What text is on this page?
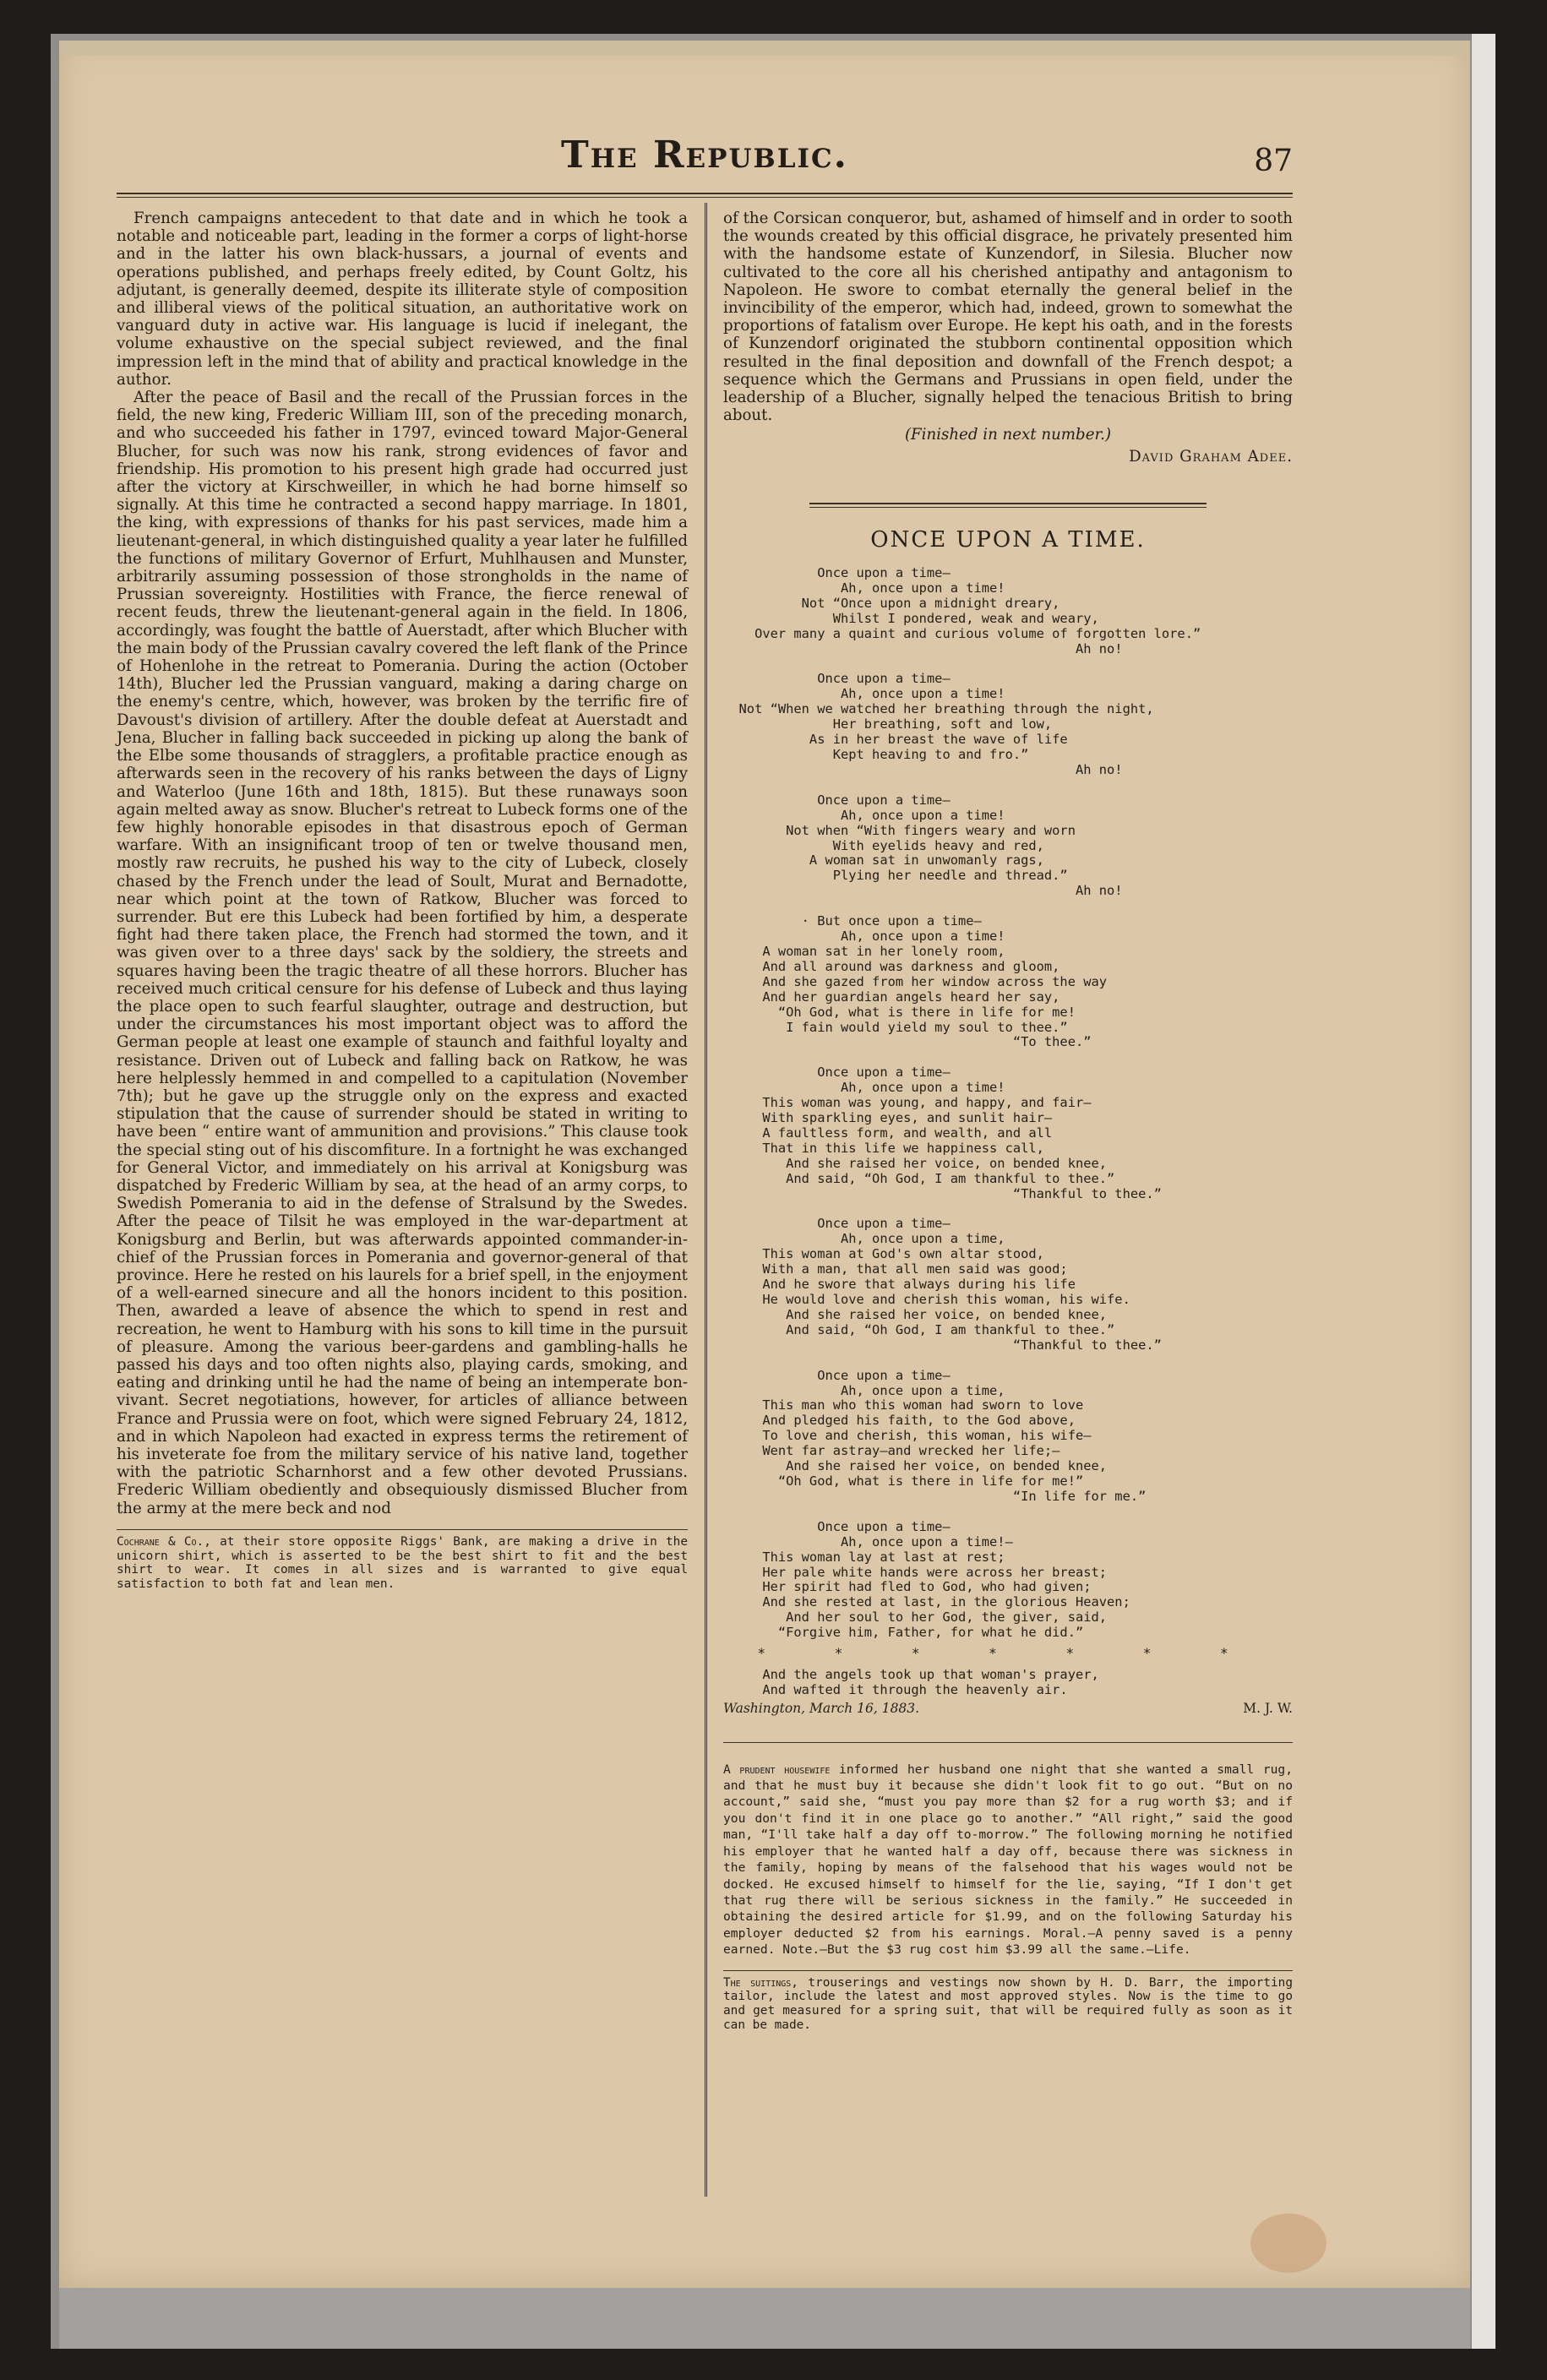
The Republic.	87

French campaigns antecedent to that date and in which he took a notable and noticeable part, leading in the former a corps of light-horse and in the latter his own black-hussars, a journal of events and operations published, and perhaps freely edited, by Count Goltz, his adjutant, is generally deemed, despite its illiterate style of composition and illiberal views of the political situation, an authoritative work on vanguard duty in active war. His language is lucid if inelegant, the volume exhaustive on the special subject reviewed, and the final impression left in the mind that of ability and practical knowledge in the author.

After the peace of Basil and the recall of the Prussian forces in the field, the new king, Frederic William III, son of the preceding monarch, and who succeeded his father in 1797, evinced toward Major-General Blucher, for such was now his rank, strong evidences of favor and friendship. His promotion to his present high grade had occurred just after the victory at Kirschweiller, in which he had borne himself so signally. At this time he contracted a second happy marriage. In 1801, the king, with expressions of thanks for his past services, made him a lieutenant-general, in which distinguished quality a year later he fulfilled the functions of military Governor of Erfurt, Muhlhausen and Munster, arbitrarily assuming possession of those strongholds in the name of Prussian sovereignty. Hostilities with France, the fierce renewal of recent feuds, threw the lieutenant-general again in the field. In 1806, accordingly, was fought the battle of Auerstadt, after which Blucher with the main body of the Prussian cavalry covered the left flank of the Prince of Hohenlohe in the retreat to Pomerania. During the action (October 14th), Blucher led the Prussian vanguard, making a daring charge on the enemy's centre, which, however, was broken by the terrific fire of Davoust's division of artillery. After the double defeat at Auerstadt and Jena, Blucher in falling back succeeded in picking up along the bank of the Elbe some thousands of stragglers, a profitable practice enough as afterwards seen in the recovery of his ranks between the days of Ligny and Waterloo (June 16th and 18th, 1815). But these runaways soon again melted away as snow. Blucher's retreat to Lubeck forms one of the few highly honorable episodes in that disastrous epoch of German warfare. With an insignificant troop of ten or twelve thousand men, mostly raw recruits, he pushed his way to the city of Lubeck, closely chased by the French under the lead of Soult, Murat and Bernadotte, near which point at the town of Ratkow, Blucher was forced to surrender. But ere this Lubeck had been fortified by him, a desperate fight had there taken place, the French had stormed the town, and it was given over to a three days' sack by the soldiery, the streets and squares having been the tragic theatre of all these horrors. Blucher has received much critical censure for his defense of Lubeck and thus laying the place open to such fearful slaughter, outrage and destruction, but under the circumstances his most important object was to afford the German people at least one example of staunch and faithful loyalty and resistance. Driven out of Lubeck and falling back on Ratkow, he was here helplessly hemmed in and compelled to a capitulation (November 7th); but he gave up the struggle only on the express and exacted stipulation that the cause of surrender should be stated in writing to have been “ entire want of ammunition and provisions.” This clause took the special sting out of his discomfiture. In a fortnight he was exchanged for General Victor, and immediately on his arrival at Konigsburg was dispatched by Frederic William by sea, at the head of an army corps, to Swedish Pomerania to aid in the defense of Stralsund by the Swedes. After the peace of Tilsit he was employed in the war-department at Konigsburg and Berlin, but was afterwards appointed commander-in-chief of the Prussian forces in Pomerania and governor-general of that province. Here he rested on his laurels for a brief spell, in the enjoyment of a well-earned sinecure and all the honors incident to this position. Then, awarded a leave of absence the which to spend in rest and recreation, he went to Hamburg with his sons to kill time in the pursuit of pleasure. Among the various beer-gardens and gambling-halls he passed his days and too often nights also, playing cards, smoking, and eating and drinking until he had the name of being an intemperate bon-vivant. Secret negotiations, however, for articles of alliance between France and Prussia were on foot, which were signed February 24, 1812, and in which Napoleon had exacted in express terms the retirement of his inveterate foe from the military service of his native land, together with the patriotic Scharnhorst and a few other devoted Prussians. Frederic William obediently and obsequiously dismissed Blucher from the army at the mere beck and nod

Cochrane & Co., at their store opposite Riggs' Bank, are making a drive in the unicorn shirt, which is asserted to be the best shirt to fit and the best shirt to wear. It comes in all sizes and is warranted to give equal satisfaction to both fat and lean men.

of the Corsican conqueror, but, ashamed of himself and in order to sooth the wounds created by this official disgrace, he privately presented him with the handsome estate of Kunzendorf, in Silesia. Blucher now cultivated to the core all his cherished antipathy and antagonism to Napoleon. He swore to combat eternally the general belief in the invincibility of the emperor, which had, indeed, grown to somewhat the proportions of fatalism over Europe. He kept his oath, and in the forests of Kunzendorf originated the stubborn continental opposition which resulted in the final deposition and downfall of the French despot; a sequence which the Germans and Prussians in open field, under the leadership of a Blucher, signally helped the tenacious British to bring about.

(Finished in next number.)
David Graham Adee.
ONCE UPON A TIME.
Once upon a time—
Ah, once upon a time!
Not “Once upon a midnight dreary,
Whilst I pondered, weak and weary,
Over many a quaint and curious volume of forgotten lore.”
Ah no!
Once upon a time—
Ah, once upon a time!
Not “When we watched her breathing through the night,
Her breathing, soft and low,
As in her breast the wave of life
Kept heaving to and fro.”
Ah no!
Once upon a time—
Ah, once upon a time!
Not when “With fingers weary and worn
With eyelids heavy and red,
A woman sat in unwomanly rags,
Plying her needle and thread.”
Ah no!
· But once upon a time—
Ah, once upon a time!
A woman sat in her lonely room,
And all around was darkness and gloom,
And she gazed from her window across the way
And her guardian angels heard her say,
“Oh God, what is there in life for me!
I fain would yield my soul to thee.”
“To thee.”
Once upon a time—
Ah, once upon a time!
This woman was young, and happy, and fair—
With sparkling eyes, and sunlit hair—
A faultless form, and wealth, and all
That in this life we happiness call,
And she raised her voice, on bended knee,
And said, “Oh God, I am thankful to thee.”
“Thankful to thee.”
Once upon a time—
Ah, once upon a time,
This woman at God's own altar stood,
With a man, that all men said was good;
And he swore that always during his life
He would love and cherish this woman, his wife.
And she raised her voice, on bended knee,
And said, “Oh God, I am thankful to thee.”
“Thankful to thee.”
Once upon a time—
Ah, once upon a time,
This man who this woman had sworn to love
And pledged his faith, to the God above,
To love and cherish, this woman, his wife—
Went far astray—and wrecked her life;—
And she raised her voice, on bended knee,
“Oh God, what is there in life for me!”
“In life for me.”
Once upon a time—
Ah, once upon a time!—
This woman lay at last at rest;
Her pale white hands were across her breast;
Her spirit had fled to God, who had given;
And she rested at last, in the glorious Heaven;
And her soul to her God, the giver, said,
“Forgive him, Father, for what he did.”
* * * * * * *
And the angels took up that woman's prayer,
And wafted it through the heavenly air.
Washington, March 16, 1883.	M. J. W.
A prudent housewife informed her husband one night that she wanted a small rug, and that he must buy it because she didn't look fit to go out. “But on no account,” said she, “must you pay more than $2 for a rug worth $3; and if you don't find it in one place go to another.” “All right,” said the good man, “I'll take half a day off to-morrow.” The following morning he notified his employer that he wanted half a day off, because there was sickness in the family, hoping by means of the falsehood that his wages would not be docked. He excused himself to himself for the lie, saying, “If I don't get that rug there will be serious sickness in the family.” He succeeded in obtaining the desired article for $1.99, and on the following Saturday his employer deducted $2 from his earnings. Moral.—A penny saved is a penny earned. Note.—But the $3 rug cost him $3.99 all the same.—Life.
The suitings, trouserings and vestings now shown by H. D. Barr, the importing tailor, include the latest and most approved styles. Now is the time to go and get measured for a spring suit, that will be required fully as soon as it can be made.
